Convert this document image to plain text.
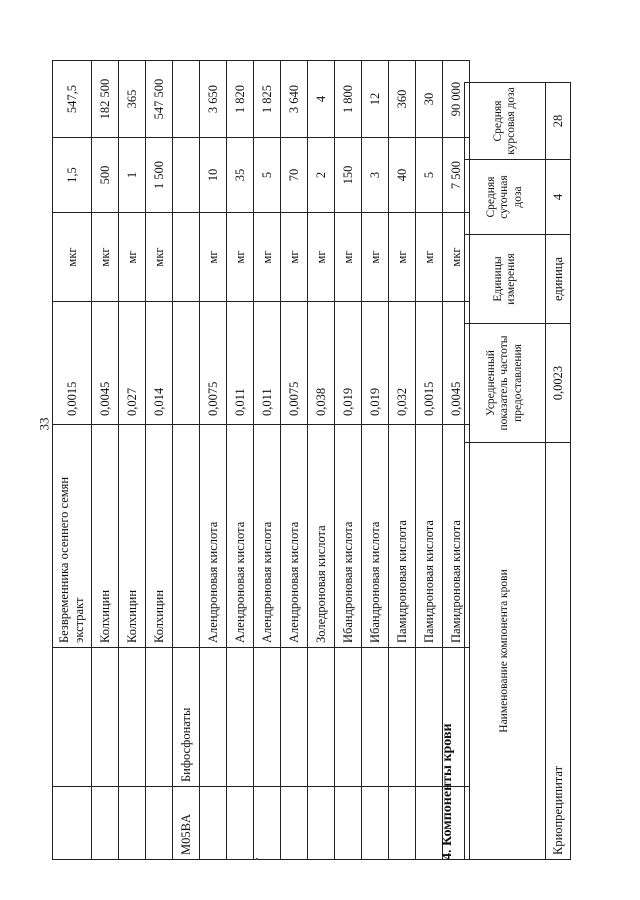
33
		Безвременника осеннего семян экстракт	0,0015	мкг	1,5	547,5
		Колхицин	0,0045	мкг	500	182 500
		Колхицин	0,027	мг	1	365
		Колхицин	0,014	мкг	1 500	547 500
M05BA	Бифосфонаты					
		Алендроновая кислота	0,0075	мг	10	3 650
		Алендроновая кислота	0,011	мг	35	1 820
		Алендроновая кислота	0,011	мг	5	1 825
		Алендроновая кислота	0,0075	мг	70	3 640
		Золедроновая кислота	0,038	мг	2	4
		Ибандроновая кислота	0,019	мг	150	1 800
		Ибандроновая кислота	0,019	мг	3	12
		Памидроновая кислота	0,032	мг	40	360
		Памидроновая кислота	0,0015	мг	5	30
		Памидроновая кислота	0,0045	мкг	7 500	90 000
4. Компоненты крови
Наименование компонента крови	Усредненный показатель частоты предоставления	Единицы измерения	Средняя суточная доза	Средняя курсовая доза
Криопреципитат	0,0023	единица	4	28
